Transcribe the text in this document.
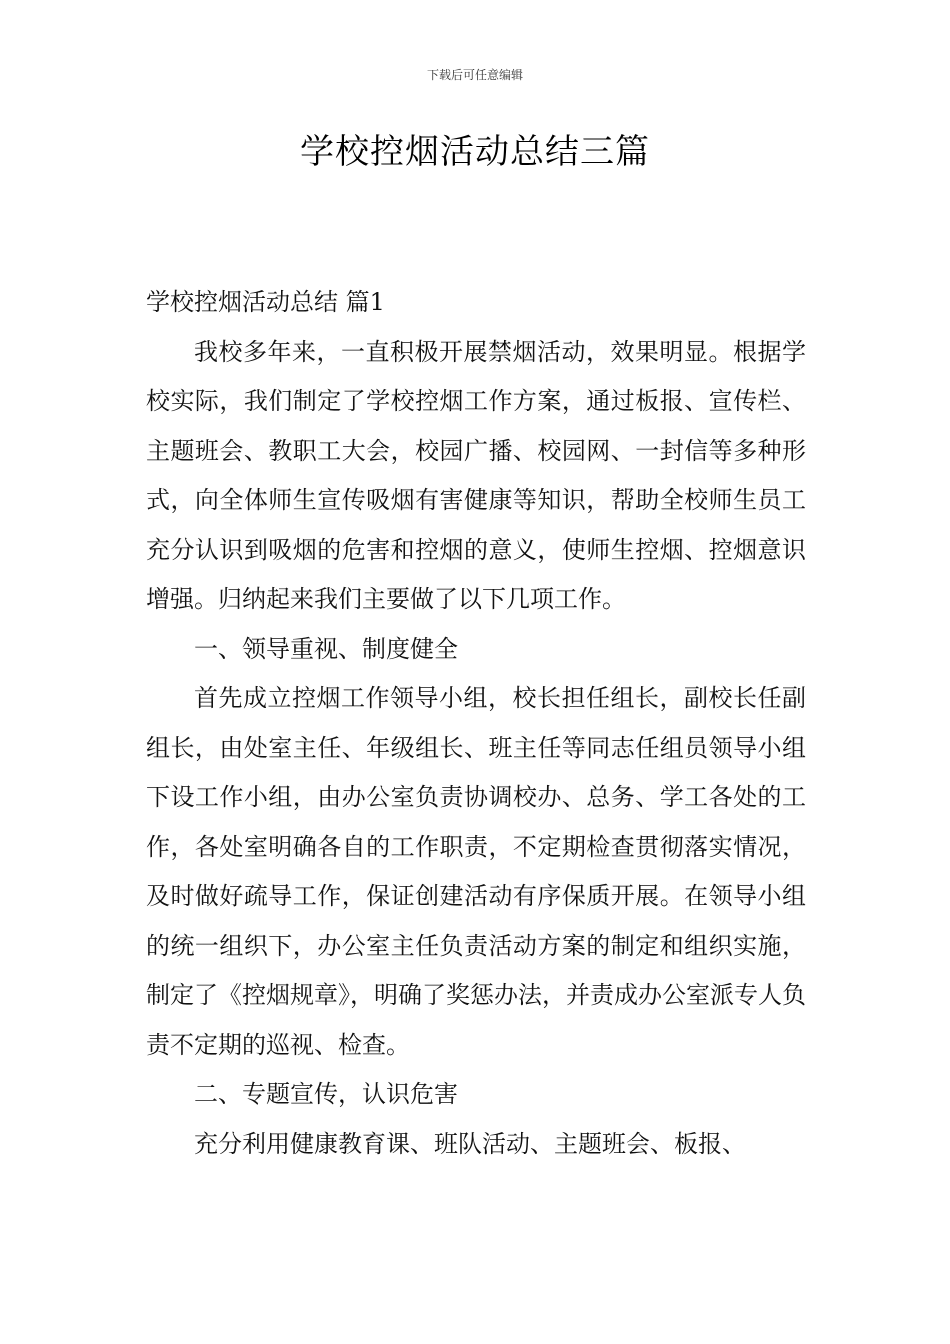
下载后可任意编辑
学校控烟活动总结三篇

学校控烟活动总结 篇1

我校多年来，一直积极开展禁烟活动，效果明显。根据学校实际，我们制定了学校控烟工作方案，通过板报、宣传栏、主题班会、教职工大会，校园广播、校园网、一封信等多种形式，向全体师生宣传吸烟有害健康等知识，帮助全校师生员工充分认识到吸烟的危害和控烟的意义，使师生控烟、控烟意识增强。归纳起来我们主要做了以下几项工作。

一、领导重视、制度健全

首先成立控烟工作领导小组，校长担任组长，副校长任副组长，由处室主任、年级组长、班主任等同志任组员领导小组下设工作小组，由办公室负责协调校办、总务、学工各处的工作，各处室明确各自的工作职责，不定期检查贯彻落实情况，及时做好疏导工作，保证创建活动有序保质开展。在领导小组的统一组织下，办公室主任负责活动方案的制定和组织实施，制定了《控烟规章》，明确了奖惩办法，并责成办公室派专人负责不定期的巡视、检查。

二、专题宣传，认识危害

充分利用健康教育课、班队活动、主题班会、板报、
